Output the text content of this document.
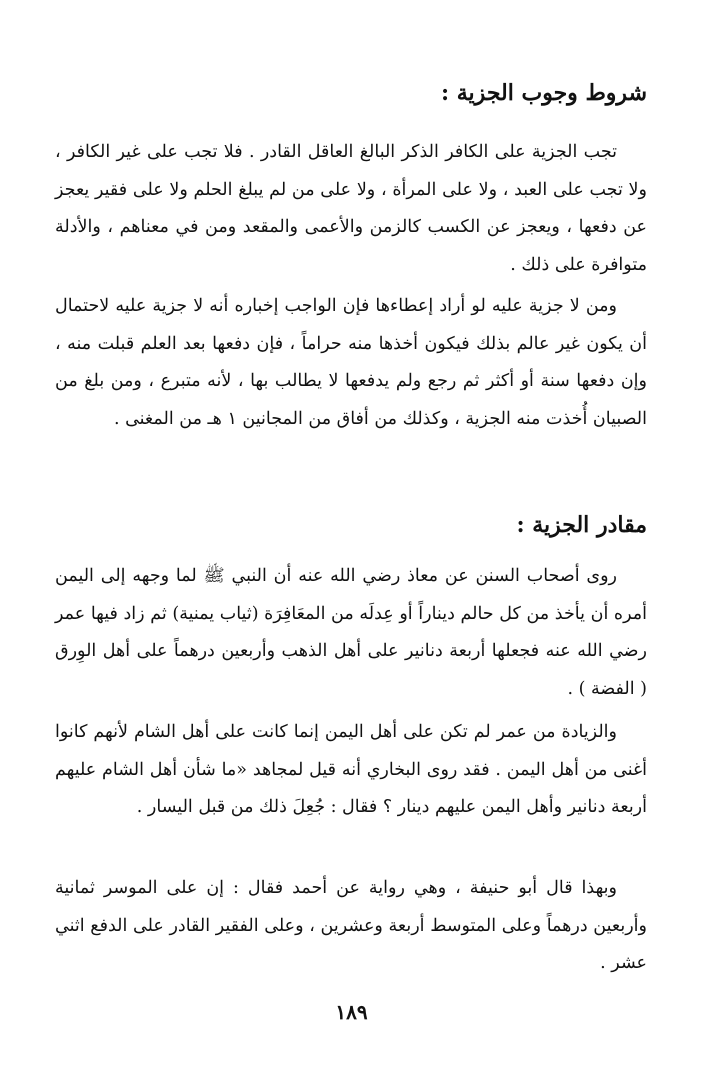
شروط وجوب الجزية :

تجب الجزية على الكافر الذكر البالغ العاقل القادر . فلا تجب على غير الكافر ، ولا تجب على العبد ، ولا على المرأة ، ولا على من لم يبلغ الحلم ولا على فقير يعجز عن دفعها ، ويعجز عن الكسب كالزمن والأعمى والمقعد ومن في معناهم ، والأدلة متوافرة على ذلك .

ومن لا جزية عليه لو أراد إعطاءها فإن الواجب إخباره أنه لا جزية عليه لاحتمال أن يكون غير عالم بذلك فيكون أخذها منه حراماً ، فإن دفعها بعد العلم قبلت منه ، وإن دفعها سنة أو أكثر ثم رجع ولم يدفعها لا يطالب بها ، لأنه متبرع ، ومن بلغ من الصبيان أُخذت منه الجزية ، وكذلك من أفاق من المجانين ١ هـ من المغنى .

مقادر الجزية :

روى أصحاب السنن عن معاذ رضي الله عنه أن النبي ﷺ لما وجهه إلى اليمن أمره أن يأخذ من كل حالم ديناراً أو عِدلَه من المعَافِرَة (ثياب يمنية) ثم زاد فيها عمر رضي الله عنه فجعلها أربعة دنانير على أهل الذهب وأربعين درهماً على أهل الوِرق ( الفضة ) .

والزيادة من عمر لم تكن على أهل اليمن إنما كانت على أهل الشام لأنهم كانوا أغنى من أهل اليمن . فقد روى البخاري أنه قيل لمجاهد «ما شأن أهل الشام عليهم أربعة دنانير وأهل اليمن عليهم دينار ؟ فقال : جُعِلَ ذلك من قبل اليسار .

وبهذا قال أبو حنيفة ، وهي رواية عن أحمد فقال : إن على الموسر ثمانية وأربعين درهماً وعلى المتوسط أربعة وعشرين ، وعلى الفقير القادر على الدفع اثني عشر .

١٨٩
